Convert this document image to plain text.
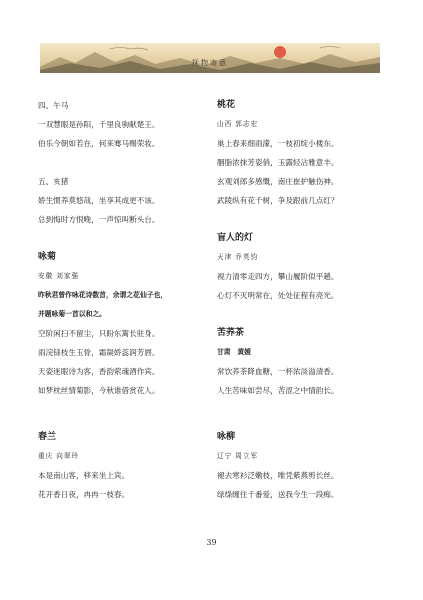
抚物寄意

四、午马

一双慧眼是孙阳，千里良驹献楚王。

伯乐今朝如若在，何来骞马赐荣妆。

五、亥猪

娇生惯养莫悠哉，坐享其成更不该。

总到悔时方恨晚，一声惊叫断头台。

咏菊

安徽 刘家强

昨秋君曾作咏花诗数首，余谓之花仙子也，

并题咏菊一首以和之。

空阶闲扫不留尘，只盼东篱长驻身。

雨浣铩枝生玉骨，霜凝娇蕊润芳唇。

天姿迷眼诗为客，香韵萦魂酒作宾。

如梦枕丝情菊影，今秋谁借赏花人。

春兰

重庆 向翠玲

本是南山客，移来坐上宾。

花开香日夜，冉冉一枝春。

桃花

山西 郭志宏

巢上春来细雨濛，一枝初绽小楼东。

胭脂浓抹芳姿俏，玉露轻沾雅意丰。

玄观刘郎多感慨，南庄崔护触伤神。

武陵纵有花千树，争及跟前几点红？

盲人的灯

天津 乔英钧

视力清零走四方，攀山履阶似平趟。

心灯不灭明常在，处处征程有亮光。

苦荞茶

甘肃　黄媛

常饮荞茶降血糖，一杯浓淡溢清香。

人生苦味如尝尽，苦涩之中情韵长。

咏柳

辽宁 周立军

褪去寒衫泛嫩枝，唯凭紫燕剪长丝。

绿绦缠住千番爱，送我今生一段痴。

39
